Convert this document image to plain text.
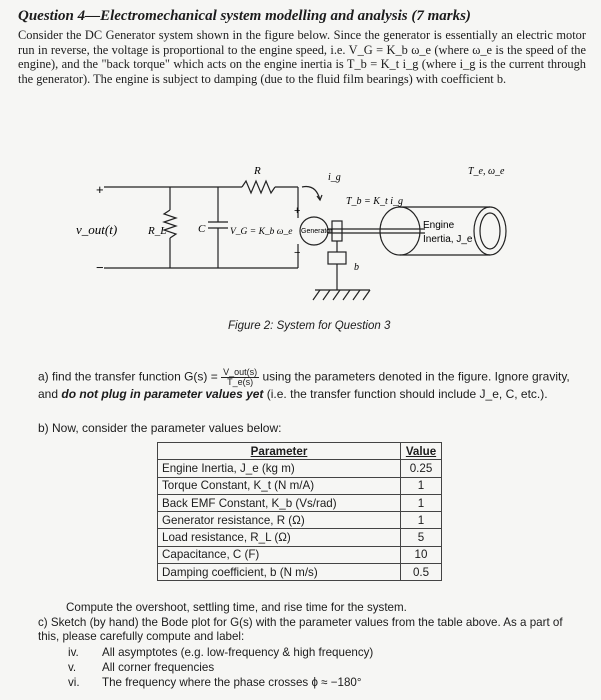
Question 4—Electromechanical system modelling and analysis (7 marks)
Consider the DC Generator system shown in the figure below. Since the generator is essentially an electric motor run in reverse, the voltage is proportional to the engine speed, i.e. V_G = K_b ω_e (where ω_e is the speed of the engine), and the "back torque" which acts on the engine inertia is T_b = K_t i_g (where i_g is the current through the generator). The engine is subject to damping (due to the fluid film bearings) with coefficient b.
+
−
v_out(t)	R_L	C
R
V_G = K_b ω_e Generator
+
−
i_g
T_b = K_t i_g
b
Engine
Inertia, J_e
T_e, ω_e
Figure 2: System for Question 3
a) find the transfer function $G(s) = \frac{\text{V\_out(s)}}{T\_e(s)}$ using the parameters denoted in the figure. Ignore gravity, and do not plug in parameter values yet (i.e. the transfer function should include J_e, C, etc.).
b) Now, consider the parameter values below:
Parameter	Value
Engine Inertia, J_e (kg m)	0.25
Torque Constant, K_t (N m/A)	1
Back EMF Constant, K_b (Vs/rad)	1
Generator resistance, R (Ω)	1
Load resistance, R_L (Ω)	5
Capacitance, C (F)	10
Damping coefficient, b (N m/s)	0.5
Compute the overshoot, settling time, and rise time for the system.
c) Sketch (by hand) the Bode plot for G(s) with the parameter values from the table above. As a part of this, please carefully compute and label:
iv. All asymptotes (e.g. low-frequency & high frequency)
v. All corner frequencies
vi. The frequency where the phase crosses ϕ ≈ −180°
